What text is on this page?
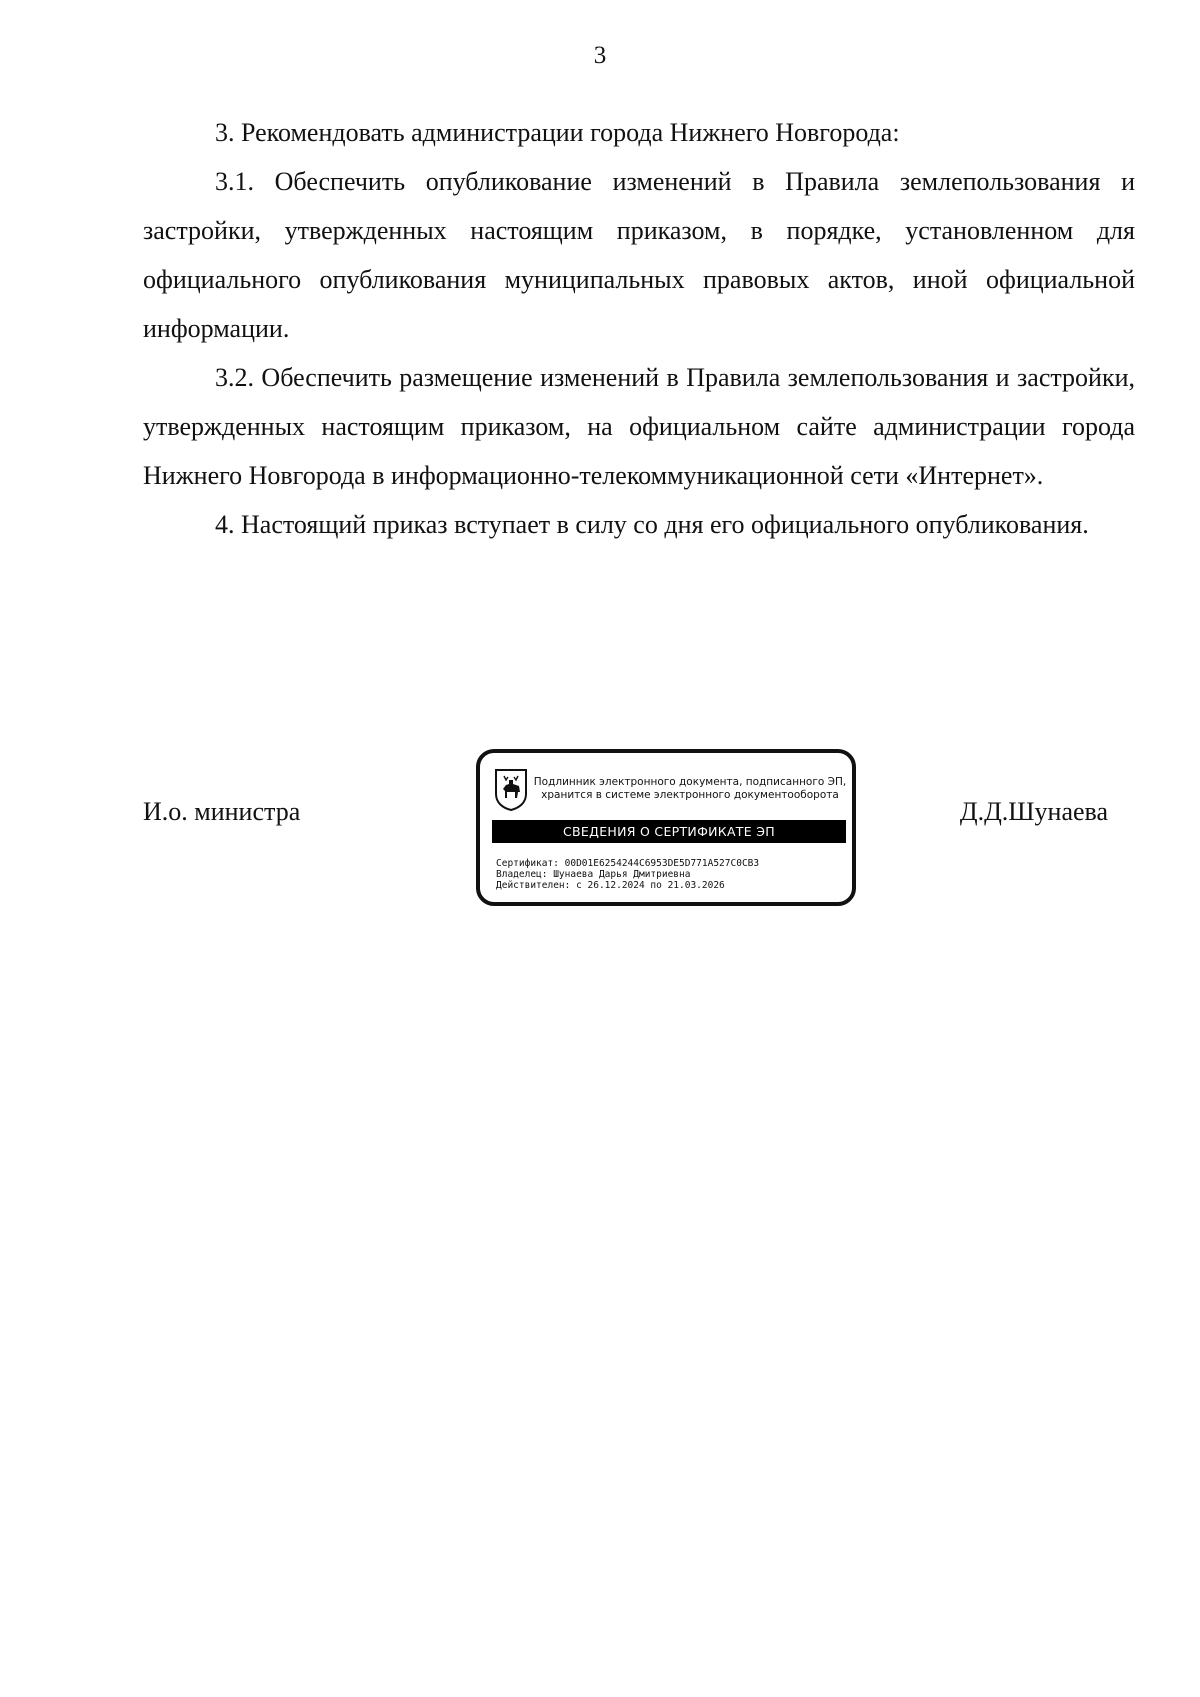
3

3. Рекомендовать администрации города Нижнего Новгорода:

3.1. Обеспечить опубликование изменений в Правила землепользования и застройки, утвержденных настоящим приказом, в порядке, установленном для официального опубликования муниципальных правовых актов, иной официальной информации.

3.2. Обеспечить размещение изменений в Правила землепользования и застройки, утвержденных настоящим приказом, на официальном сайте администрации города Нижнего Новгорода в информационно-телекоммуникационной сети «Интернет».

4. Настоящий приказ вступает в силу со дня его официального опубликования.

И.о. министра
Подлинник электронного документа, подписанного ЭП,
хранится в системе электронного документооборота
СВЕДЕНИЯ О СЕРТИФИКАТЕ ЭП
Сертификат: 00D01E6254244C6953DE5D771A527C0CB3
Владелец: Шунаева Дарья Дмитриевна
Действителен: с 26.12.2024 по 21.03.2026
Д.Д.Шунаева
